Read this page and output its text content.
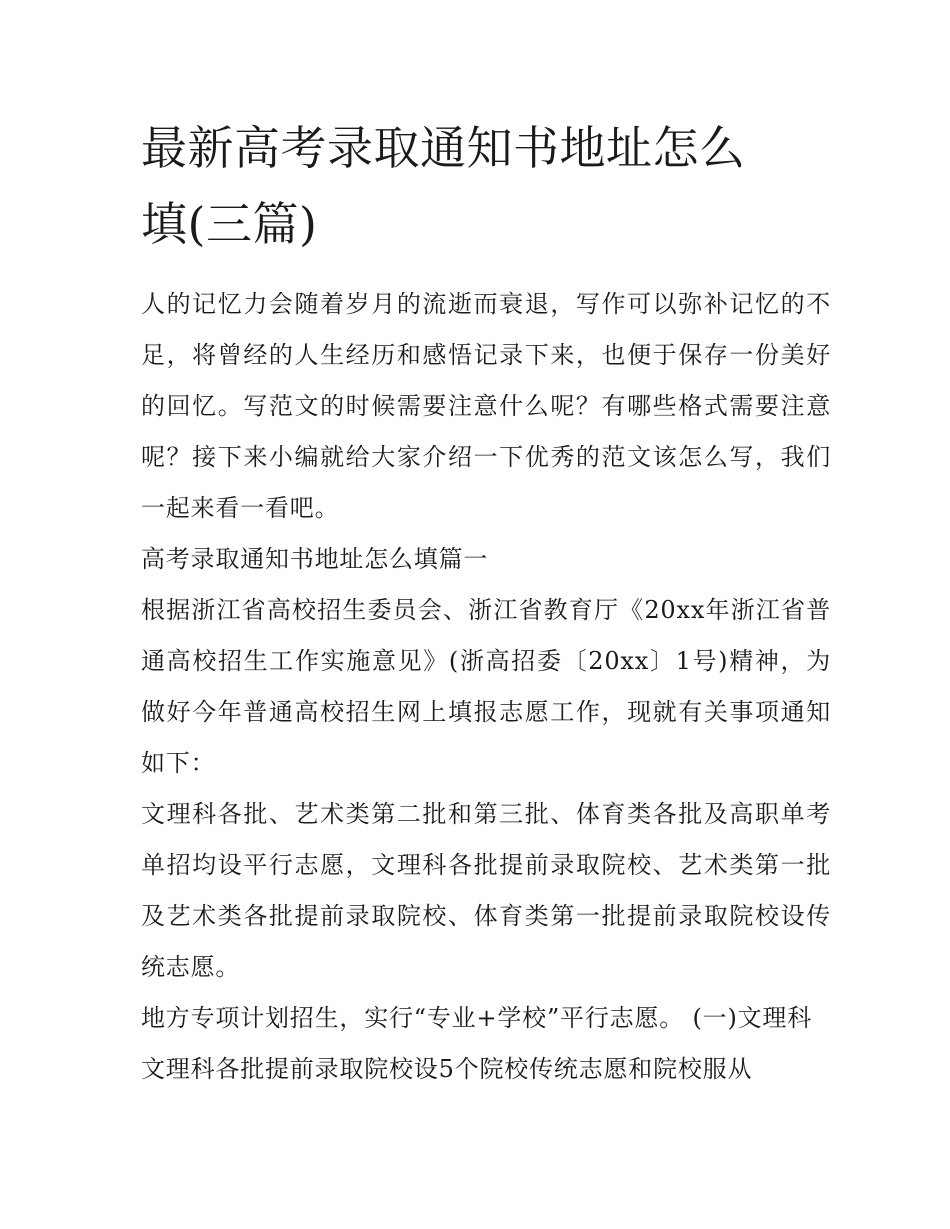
最新高考录取通知书地址怎么
填(三篇)

人的记忆力会随着岁月的流逝而衰退，写作可以弥补记忆的不足，将曾经的人生经历和感悟记录下来，也便于保存一份美好的回忆。写范文的时候需要注意什么呢？有哪些格式需要注意呢？接下来小编就给大家介绍一下优秀的范文该怎么写，我们一起来看一看吧。

高考录取通知书地址怎么填篇一

根据浙江省高校招生委员会、浙江省教育厅《20xx年浙江省普通高校招生工作实施意见》(浙高招委〔20xx〕1号)精神，为做好今年普通高校招生网上填报志愿工作，现就有关事项通知如下：

文理科各批、艺术类第二批和第三批、体育类各批及高职单考单招均设平行志愿，文理科各批提前录取院校、艺术类第一批及艺术类各批提前录取院校、体育类第一批提前录取院校设传统志愿。

地方专项计划招生，实行“专业+学校”平行志愿。 (一)文理科

文理科各批提前录取院校设5个院校传统志愿和院校服从
